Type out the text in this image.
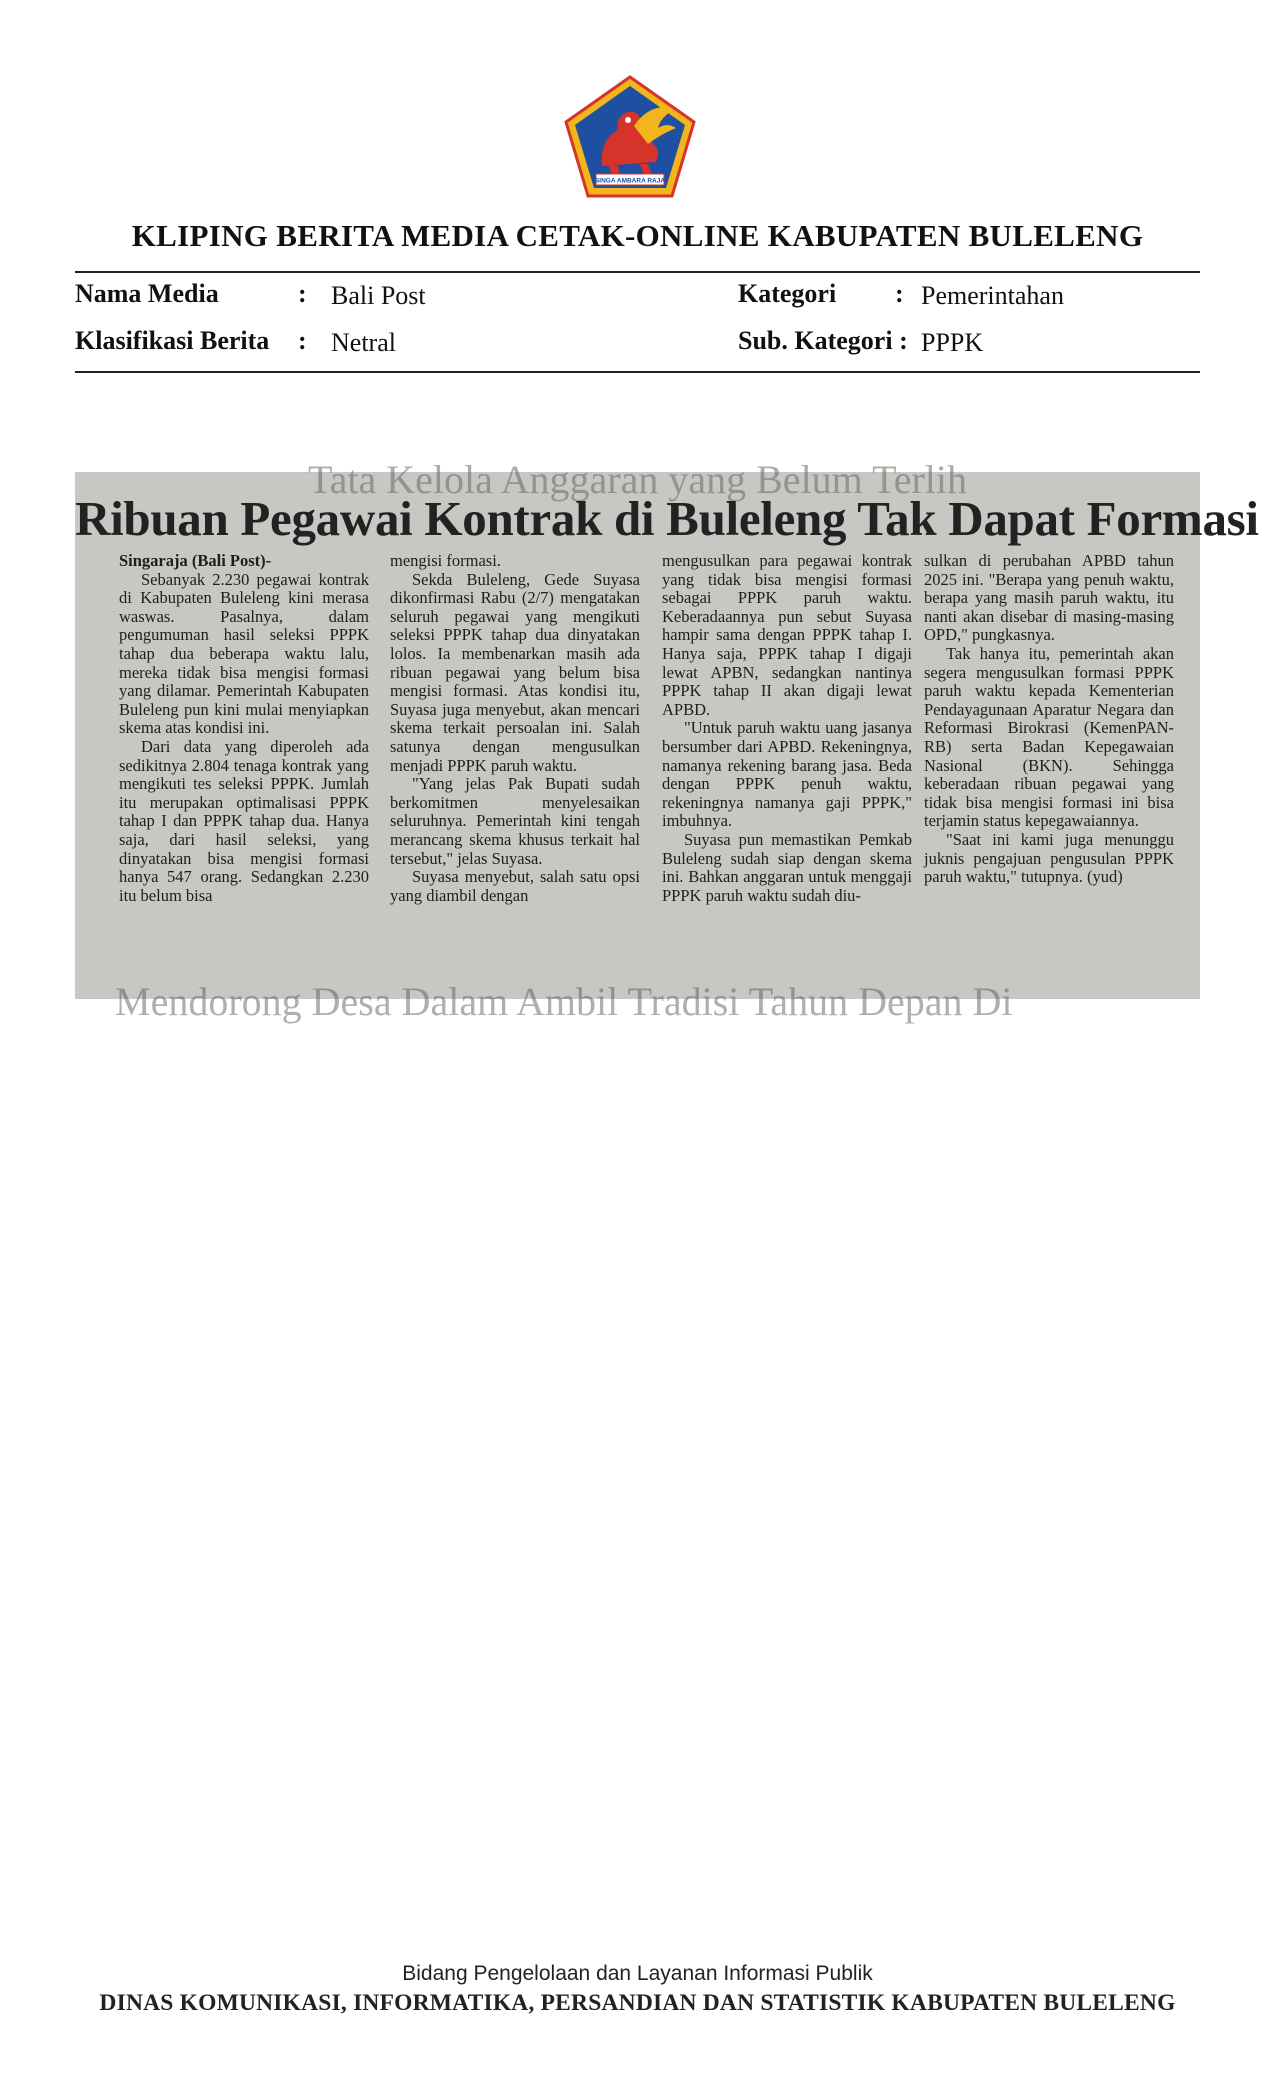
SINGA AMBARA RAJA
KLIPING BERITA MEDIA CETAK-ONLINE KABUPATEN BULELENG
Nama Media	: Bali Post	Kategori : Pemerintahan
Klasifikasi Berita : Netral	Sub. Kategori : PPPK
Tata Kelola Anggaran yang Belum Terlih
Ribuan Pegawai Kontrak di Buleleng Tak Dapat Formasi

Singaraja (Bali Post)-

Sebanyak 2.230 pegawai kontrak di Kabupaten Buleleng kini merasa waswas. Pasalnya, dalam pengumuman hasil seleksi PPPK tahap dua beberapa waktu lalu, mereka tidak bisa mengisi formasi yang dilamar. Pemerintah Kabupaten Buleleng pun kini mulai menyiapkan skema atas kondisi ini.

Dari data yang diperoleh ada sedikitnya 2.804 tenaga kontrak yang mengikuti tes seleksi PPPK. Jumlah itu merupakan optimalisasi PPPK tahap I dan PPPK tahap dua. Hanya saja, dari hasil seleksi, yang dinyatakan bisa mengisi formasi hanya 547 orang. Sedangkan 2.230 itu belum bisa

mengisi formasi.

Sekda Buleleng, Gede Suyasa dikonfirmasi Rabu (2/7) mengatakan seluruh pegawai yang mengikuti seleksi PPPK tahap dua dinyatakan lolos. Ia membenarkan masih ada ribuan pegawai yang belum bisa mengisi formasi. Atas kondisi itu, Suyasa juga menyebut, akan mencari skema terkait persoalan ini. Salah satunya dengan mengusulkan menjadi PPPK paruh waktu.

"Yang jelas Pak Bupati sudah berkomitmen menyelesaikan seluruhnya. Pemerintah kini tengah merancang skema khusus terkait hal tersebut," jelas Suyasa.

Suyasa menyebut, salah satu opsi yang diambil dengan

mengusulkan para pegawai kontrak yang tidak bisa mengisi formasi sebagai PPPK paruh waktu. Keberadaannya pun sebut Suyasa hampir sama dengan PPPK tahap I. Hanya saja, PPPK tahap I digaji lewat APBN, sedangkan nantinya PPPK tahap II akan digaji lewat APBD.

"Untuk paruh waktu uang jasanya bersumber dari APBD. Rekeningnya, namanya rekening barang jasa. Beda dengan PPPK penuh waktu, rekeningnya namanya gaji PPPK," imbuhnya.

Suyasa pun memastikan Pemkab Buleleng sudah siap dengan skema ini. Bahkan anggaran untuk menggaji PPPK paruh waktu sudah diu-

sulkan di perubahan APBD tahun 2025 ini. "Berapa yang penuh waktu, berapa yang masih paruh waktu, itu nanti akan disebar di masing-masing OPD," pungkasnya.

Tak hanya itu, pemerintah akan segera mengusulkan formasi PPPK paruh waktu kepada Kementerian Pendayagunaan Aparatur Negara dan Reformasi Birokrasi (KemenPAN-RB) serta Badan Kepegawaian Nasional (BKN). Sehingga keberadaan ribuan pegawai yang tidak bisa mengisi formasi ini bisa terjamin status kepegawaiannya.

"Saat ini kami juga menunggu juknis pengajuan pengusulan PPPK paruh waktu," tutupnya. (yud)

Mendorong Desa Dalam Ambil Tradisi Tahun Depan Di
Bidang Pengelolaan dan Layanan Informasi Publik
DINAS KOMUNIKASI, INFORMATIKA, PERSANDIAN DAN STATISTIK KABUPATEN BULELENG
